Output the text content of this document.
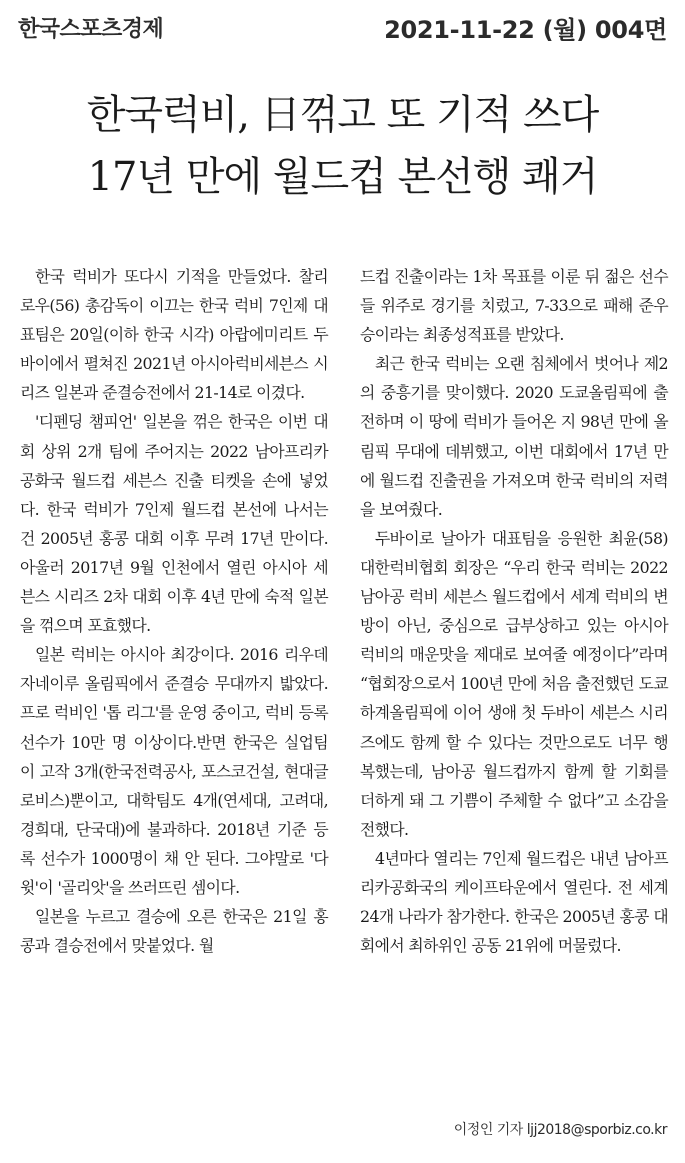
한국스포츠경제	2021-11-22 (월) 004면
한국럭비, 日꺾고 또 기적 쓰다
17년 만에 월드컵 본선행 쾌거

한국 럭비가 또다시 기적을 만들었다. 찰리 로우(56) 총감독이 이끄는 한국 럭비 7인제 대표팀은 20일(이하 한국 시각) 아랍에미리트 두바이에서 펼쳐진 2021년 아시아럭비세븐스 시리즈 일본과 준결승전에서 21-14로 이겼다.

'디펜딩 챔피언' 일본을 꺾은 한국은 이번 대회 상위 2개 팀에 주어지는 2022 남아프리카공화국 월드컵 세븐스 진출 티켓을 손에 넣었다. 한국 럭비가 7인제 월드컵 본선에 나서는 건 2005년 홍콩 대회 이후 무려 17년 만이다. 아울러 2017년 9월 인천에서 열린 아시아 세븐스 시리즈 2차 대회 이후 4년 만에 숙적 일본을 꺾으며 포효했다.

일본 럭비는 아시아 최강이다. 2016 리우데자네이루 올림픽에서 준결승 무대까지 밟았다. 프로 럭비인 '톱 리그'를 운영 중이고, 럭비 등록 선수가 10만 명 이상이다.반면 한국은 실업팀이 고작 3개(한국전력공사, 포스코건설, 현대글로비스)뿐이고, 대학팀도 4개(연세대, 고려대, 경희대, 단국대)에 불과하다. 2018년 기준 등록 선수가 1000명이 채 안 된다. 그야말로 '다윗'이 '골리앗'을 쓰러뜨린 셈이다.

일본을 누르고 결승에 오른 한국은 21일 홍콩과 결승전에서 맞붙었다. 월

드컵 진출이라는 1차 목표를 이룬 뒤 젊은 선수들 위주로 경기를 치렀고, 7-33으로 패해 준우승이라는 최종성적표를 받았다.

최근 한국 럭비는 오랜 침체에서 벗어나 제2의 중흥기를 맞이했다. 2020 도쿄올림픽에 출전하며 이 땅에 럭비가 들어온 지 98년 만에 올림픽 무대에 데뷔했고, 이번 대회에서 17년 만에 월드컵 진출권을 가져오며 한국 럭비의 저력을 보여줬다.

두바이로 날아가 대표팀을 응원한 최윤(58) 대한럭비협회 회장은 “우리 한국 럭비는 2022 남아공 럭비 세븐스 월드컵에서 세계 럭비의 변방이 아닌, 중심으로 급부상하고 있는 아시아 럭비의 매운맛을 제대로 보여줄 예정이다”라며 “협회장으로서 100년 만에 처음 출전했던 도쿄하계올림픽에 이어 생애 첫 두바이 세븐스 시리즈에도 함께 할 수 있다는 것만으로도 너무 행복했는데, 남아공 월드컵까지 함께 할 기회를 더하게 돼 그 기쁨이 주체할 수 없다”고 소감을 전했다.

4년마다 열리는 7인제 월드컵은 내년 남아프리카공화국의 케이프타운에서 열린다. 전 세계 24개 나라가 참가한다. 한국은 2005년 홍콩 대회에서 최하위인 공동 21위에 머물렀다.

이정인 기자 ljj2018@sporbiz.co.kr
